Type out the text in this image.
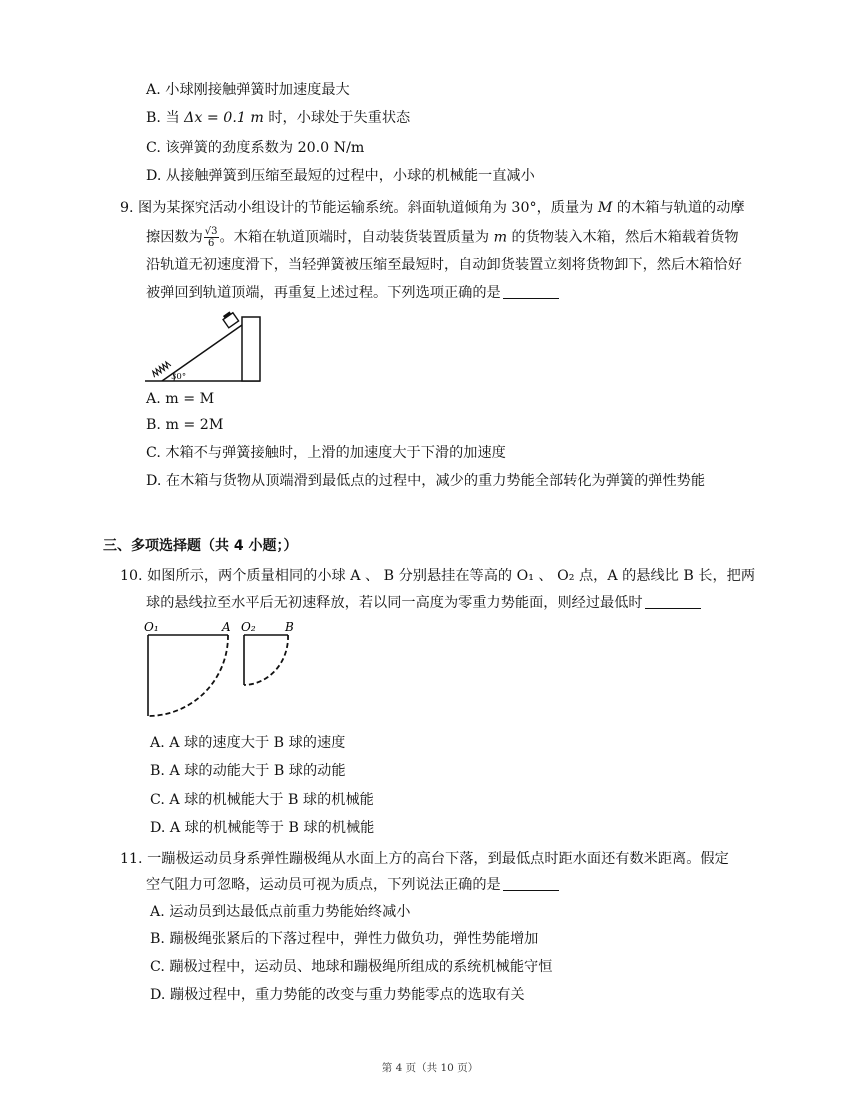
A. 小球刚接触弹簧时加速度最大
B. 当 Δx = 0.1 m 时，小球处于失重状态
C. 该弹簧的劲度系数为 20.0 N/m
D. 从接触弹簧到压缩至最短的过程中，小球的机械能一直减小
9. 图为某探究活动小组设计的节能运输系统。斜面轨道倾角为 30°，质量为 M 的木箱与轨道的动摩
擦因数为 $\frac{√3}{6}$ 。木箱在轨道顶端时，自动装货装置质量为 m 的货物装入木箱，然后木箱载着货物
沿轨道无初速度滑下，当轻弹簧被压缩至最短时，自动卸货装置立刻将货物卸下，然后木箱恰好
被弹回到轨道顶端，再重复上述过程。下列选项正确的是
30°
A. m = M
B. m = 2M
C. 木箱不与弹簧接触时，上滑的加速度大于下滑的加速度
D. 在木箱与货物从顶端滑到最低点的过程中，减少的重力势能全部转化为弹簧的弹性势能
三、多项选择题（共 4 小题；）
10. 如图所示，两个质量相同的小球 A 、 B 分别悬挂在等高的 O₁ 、 O₂ 点，A 的悬线比 B 长，把两
球的悬线拉至水平后无初速释放，若以同一高度为零重力势能面，则经过最低时
O₁	A O₂ B
A. A 球的速度大于 B 球的速度
B. A 球的动能大于 B 球的动能
C. A 球的机械能大于 B 球的机械能
D. A 球的机械能等于 B 球的机械能
11. 一蹦极运动员身系弹性蹦极绳从水面上方的高台下落，到最低点时距水面还有数米距离。假定
空气阻力可忽略，运动员可视为质点，下列说法正确的是
A. 运动员到达最低点前重力势能始终减小
B. 蹦极绳张紧后的下落过程中，弹性力做负功，弹性势能增加
C. 蹦极过程中，运动员、地球和蹦极绳所组成的系统机械能守恒
D. 蹦极过程中，重力势能的改变与重力势能零点的选取有关
第 4 页（共 10 页）
